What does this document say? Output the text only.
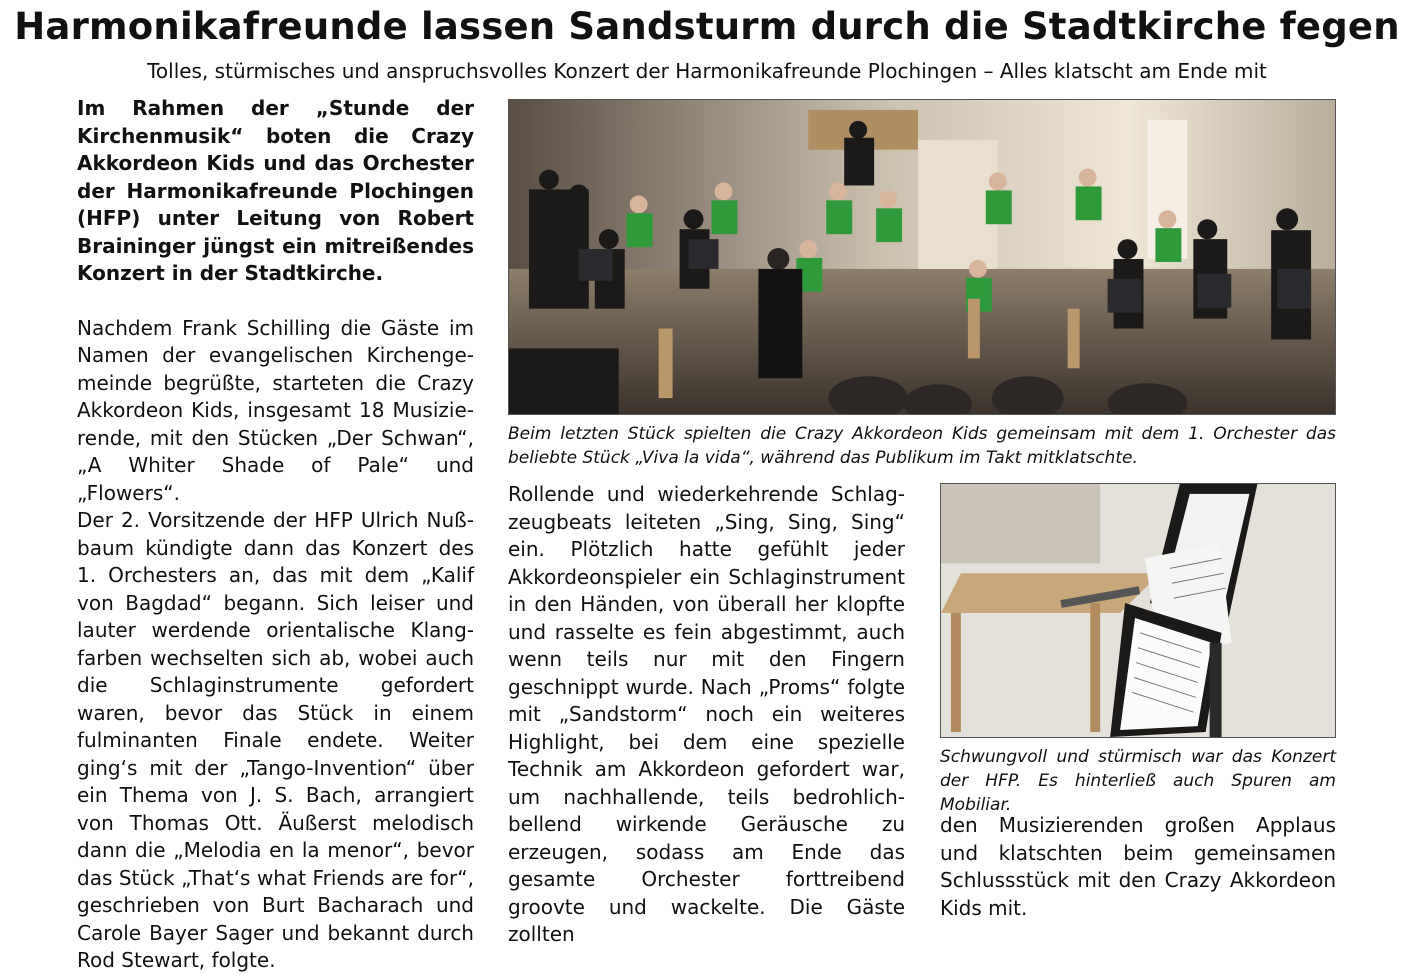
Harmonikafreunde lassen Sandsturm durch die Stadtkirche fegen

Tolles, stürmisches und anspruchsvolles Konzert der Harmonikafreunde Plochingen – Alles klatscht am Ende mit

Im Rahmen der „Stunde der Kirchenmusik“ boten die Crazy Akkordeon Kids und das Orchester der Harmonikafreunde Plochingen (HFP) unter Leitung von Robert Braininger jüngst ein mitreißendes Konzert in der Stadtkirche.

Nachdem Frank Schilling die Gäste im Namen der evangelischen Kirchengemeinde begrüßte, starteten die Crazy Akkordeon Kids, insgesamt 18 Musizierende, mit den Stücken „Der Schwan“, „A Whiter Shade of Pale“ und „Flowers“.

Der 2. Vorsitzende der HFP Ulrich Nußbaum kündigte dann das Konzert des 1. Orchesters an, das mit dem „Kalif von Bagdad“ begann. Sich leiser und lauter werdende orientalische Klangfarben wechselten sich ab, wobei auch die Schlaginstrumente gefordert waren, bevor das Stück in einem fulminanten Finale endete. Weiter ging‘s mit der „Tango-Invention“ über ein Thema von J. S. Bach, arrangiert von Thomas Ott. Äußerst melodisch dann die „Melodia en la menor“, bevor das Stück „That‘s what Friends are for“, geschrieben von Burt Bacharach und Carole Bayer Sager und bekannt durch Rod Stewart, folgte.

Beim letzten Stück spielten die Crazy Akkordeon Kids gemeinsam mit dem 1. Orchester das beliebte Stück „Viva la vida“, während das Publikum im Takt mitklatschte.

Rollende und wiederkehrende Schlagzeugbeats leiteten „Sing, Sing, Sing“ ein. Plötzlich hatte gefühlt jeder Akkordeonspieler ein Schlaginstrument in den Händen, von überall her klopfte und rasselte es fein abgestimmt, auch wenn teils nur mit den Fingern geschnippt wurde. Nach „Proms“ folgte mit „Sandstorm“ noch ein weiteres Highlight, bei dem eine spezielle Technik am Akkordeon gefordert war, um nachhallende, teils bedrohlich-bellend wirkende Geräusche zu erzeugen, sodass am Ende das gesamte Orchester forttreibend groovte und wackelte. Die Gäste zollten

Schwungvoll und stürmisch war das Konzert der HFP. Es hinterließ auch Spuren am Mobiliar.

den Musizierenden großen Applaus und klatschten beim gemeinsamen Schlussstück mit den Crazy Akkordeon Kids mit.
